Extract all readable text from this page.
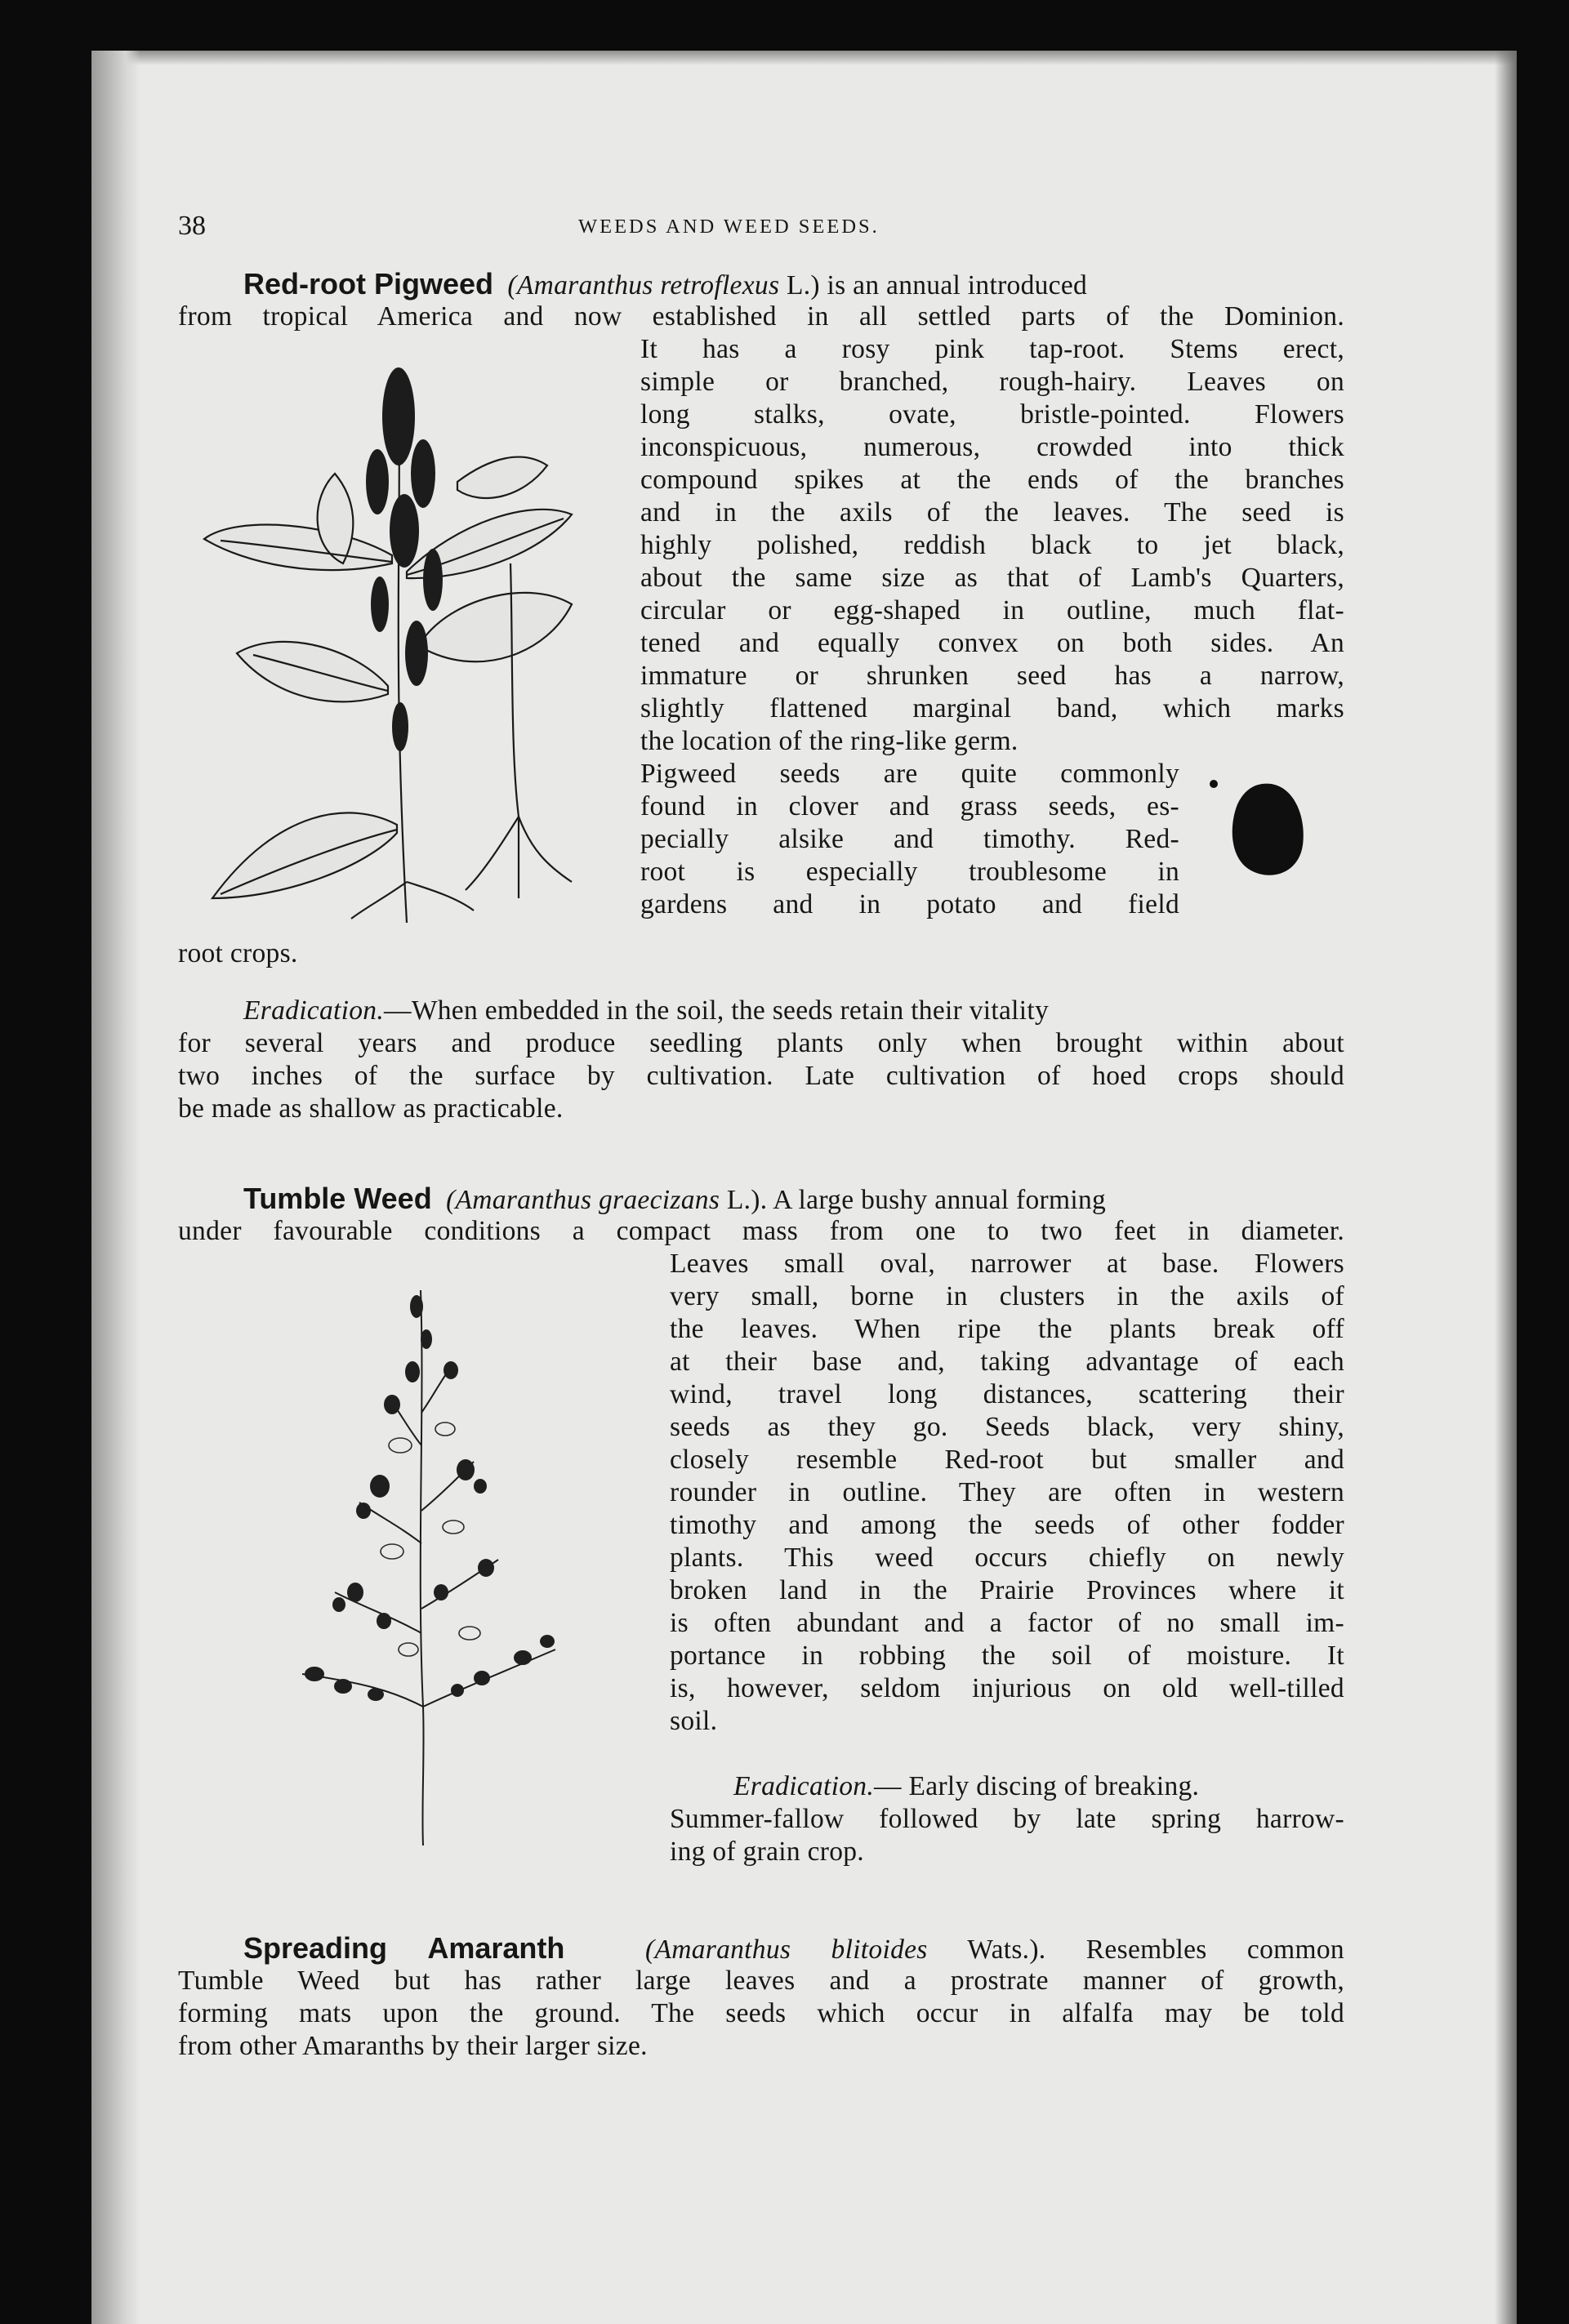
38	WEEDS AND WEED SEEDS.
Red-root Pigweed (Amaranthus retroflexus L.) is an annual introduced
from tropical America and now established in all settled parts of the Dominion.
It has a rosy pink tap-root. Stems erect,
simple or branched, rough-hairy. Leaves on
long stalks, ovate, bristle-pointed. Flowers
inconspicuous, numerous, crowded into thick
compound spikes at the ends of the branches
and in the axils of the leaves. The seed is
highly polished, reddish black to jet black,
about the same size as that of Lamb's Quarters,
circular or egg-shaped in outline, much flat-
tened and equally convex on both sides. An
immature or shrunken seed has a narrow,
slightly flattened marginal band, which marks
the location of the ring-like germ.
Pigweed seeds are quite commonly
found in clover and grass seeds, es-
pecially alsike and timothy. Red-
root is especially troublesome in
gardens and in potato and field
root crops.
Eradication.—When embedded in the soil, the seeds retain their vitality
for several years and produce seedling plants only when brought within about
two inches of the surface by cultivation. Late cultivation of hoed crops should
be made as shallow as practicable.
Tumble Weed (Amaranthus graecizans L.). A large bushy annual forming
under favourable conditions a compact mass from one to two feet in diameter.
Leaves small oval, narrower at base. Flowers
very small, borne in clusters in the axils of
the leaves. When ripe the plants break off
at their base and, taking advantage of each
wind, travel long distances, scattering their
seeds as they go. Seeds black, very shiny,
closely resemble Red-root but smaller and
rounder in outline. They are often in western
timothy and among the seeds of other fodder
plants. This weed occurs chiefly on newly
broken land in the Prairie Provinces where it
is often abundant and a factor of no small im-
portance in robbing the soil of moisture. It
is, however, seldom injurious on old well-tilled
soil.
Eradication.— Early discing of breaking.
Summer-fallow followed by late spring harrow-
ing of grain crop.
Spreading Amaranth	(Amaranthus blitoides Wats.). Resembles common
Tumble Weed but has rather large leaves and a prostrate manner of growth,
forming mats upon the ground. The seeds which occur in alfalfa may be told
from other Amaranths by their larger size.
